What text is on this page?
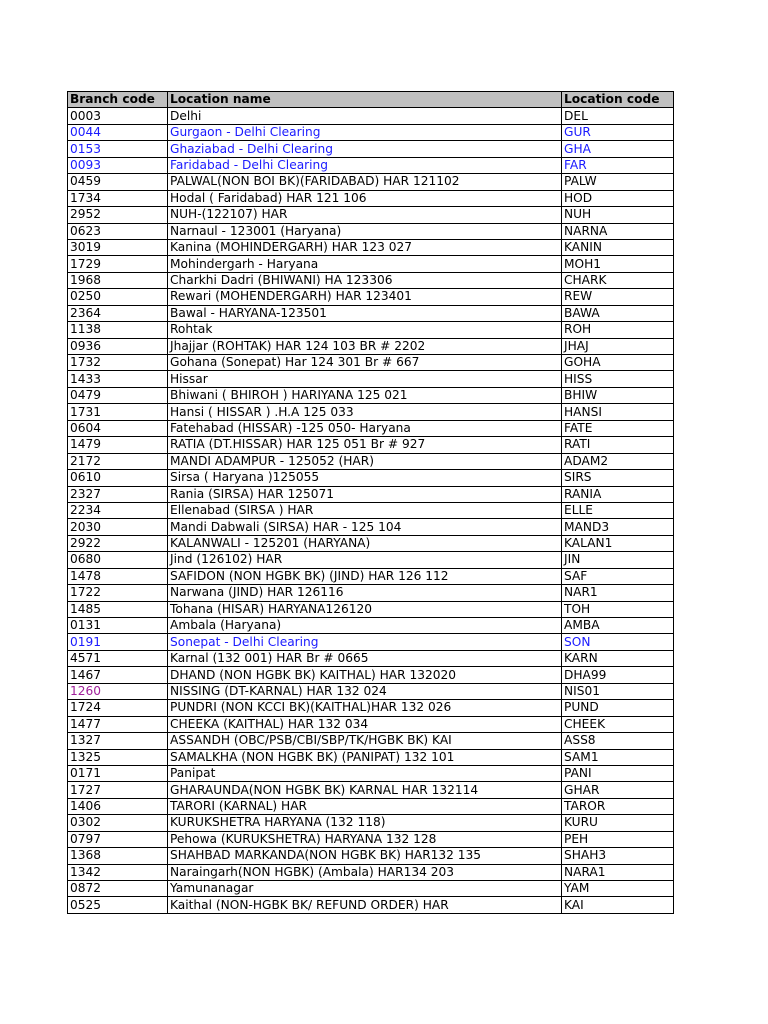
Branch code	Location name	Location code
0003	Delhi	DEL
0044	Gurgaon - Delhi Clearing	GUR
0153	Ghaziabad - Delhi Clearing	GHA
0093	Faridabad - Delhi Clearing	FAR
0459	PALWAL(NON BOI BK)(FARIDABAD) HAR 121102	PALW
1734	Hodal ( Faridabad) HAR 121 106	HOD
2952	NUH-(122107) HAR	NUH
0623	Narnaul - 123001 (Haryana)	NARNA
3019	Kanina (MOHINDERGARH) HAR 123 027	KANIN
1729	Mohindergarh - Haryana	MOH1
1968	Charkhi Dadri (BHIWANI) HA 123306	CHARK
0250	Rewari (MOHENDERGARH) HAR 123401	REW
2364	Bawal - HARYANA-123501	BAWA
1138	Rohtak	ROH
0936	Jhajjar (ROHTAK) HAR 124 103 BR # 2202	JHAJ
1732	Gohana (Sonepat) Har 124 301 Br # 667	GOHA
1433	Hissar	HISS
0479	Bhiwani ( BHIROH ) HARIYANA 125 021	BHIW
1731	Hansi ( HISSAR ) .H.A 125 033	HANSI
0604	Fatehabad (HISSAR) -125 050- Haryana	FATE
1479	RATIA (DT.HISSAR) HAR 125 051 Br # 927	RATI
2172	MANDI ADAMPUR - 125052 (HAR)	ADAM2
0610	Sirsa ( Haryana )125055	SIRS
2327	Rania (SIRSA) HAR 125071	RANIA
2234	Ellenabad (SIRSA ) HAR	ELLE
2030	Mandi Dabwali (SIRSA) HAR - 125 104	MAND3
2922	KALANWALI - 125201 (HARYANA)	KALAN1
0680	Jind (126102) HAR	JIN
1478	SAFIDON (NON HGBK BK) (JIND) HAR 126 112	SAF
1722	Narwana (JIND) HAR 126116	NAR1
1485	Tohana (HISAR) HARYANA126120	TOH
0131	Ambala (Haryana)	AMBA
0191	Sonepat - Delhi Clearing	SON
4571	Karnal (132 001) HAR Br # 0665	KARN
1467	DHAND (NON HGBK BK) KAITHAL) HAR 132020	DHA99
1260	NISSING (DT-KARNAL) HAR 132 024	NIS01
1724	PUNDRI (NON KCCI BK)(KAITHAL)HAR 132 026	PUND
1477	CHEEKA (KAITHAL) HAR 132 034	CHEEK
1327	ASSANDH (OBC/PSB/CBI/SBP/TK/HGBK BK) KAI	ASS8
1325	SAMALKHA (NON HGBK BK) (PANIPAT) 132 101	SAM1
0171	Panipat	PANI
1727	GHARAUNDA(NON HGBK BK) KARNAL HAR 132114	GHAR
1406	TARORI (KARNAL) HAR	TAROR
0302	KURUKSHETRA HARYANA (132 118)	KURU
0797	Pehowa (KURUKSHETRA) HARYANA 132 128	PEH
1368	SHAHBAD MARKANDA(NON HGBK BK) HAR132 135	SHAH3
1342	Naraingarh(NON HGBK) (Ambala) HAR134 203	NARA1
0872	Yamunanagar	YAM
0525	Kaithal (NON-HGBK BK/ REFUND ORDER) HAR	KAI
